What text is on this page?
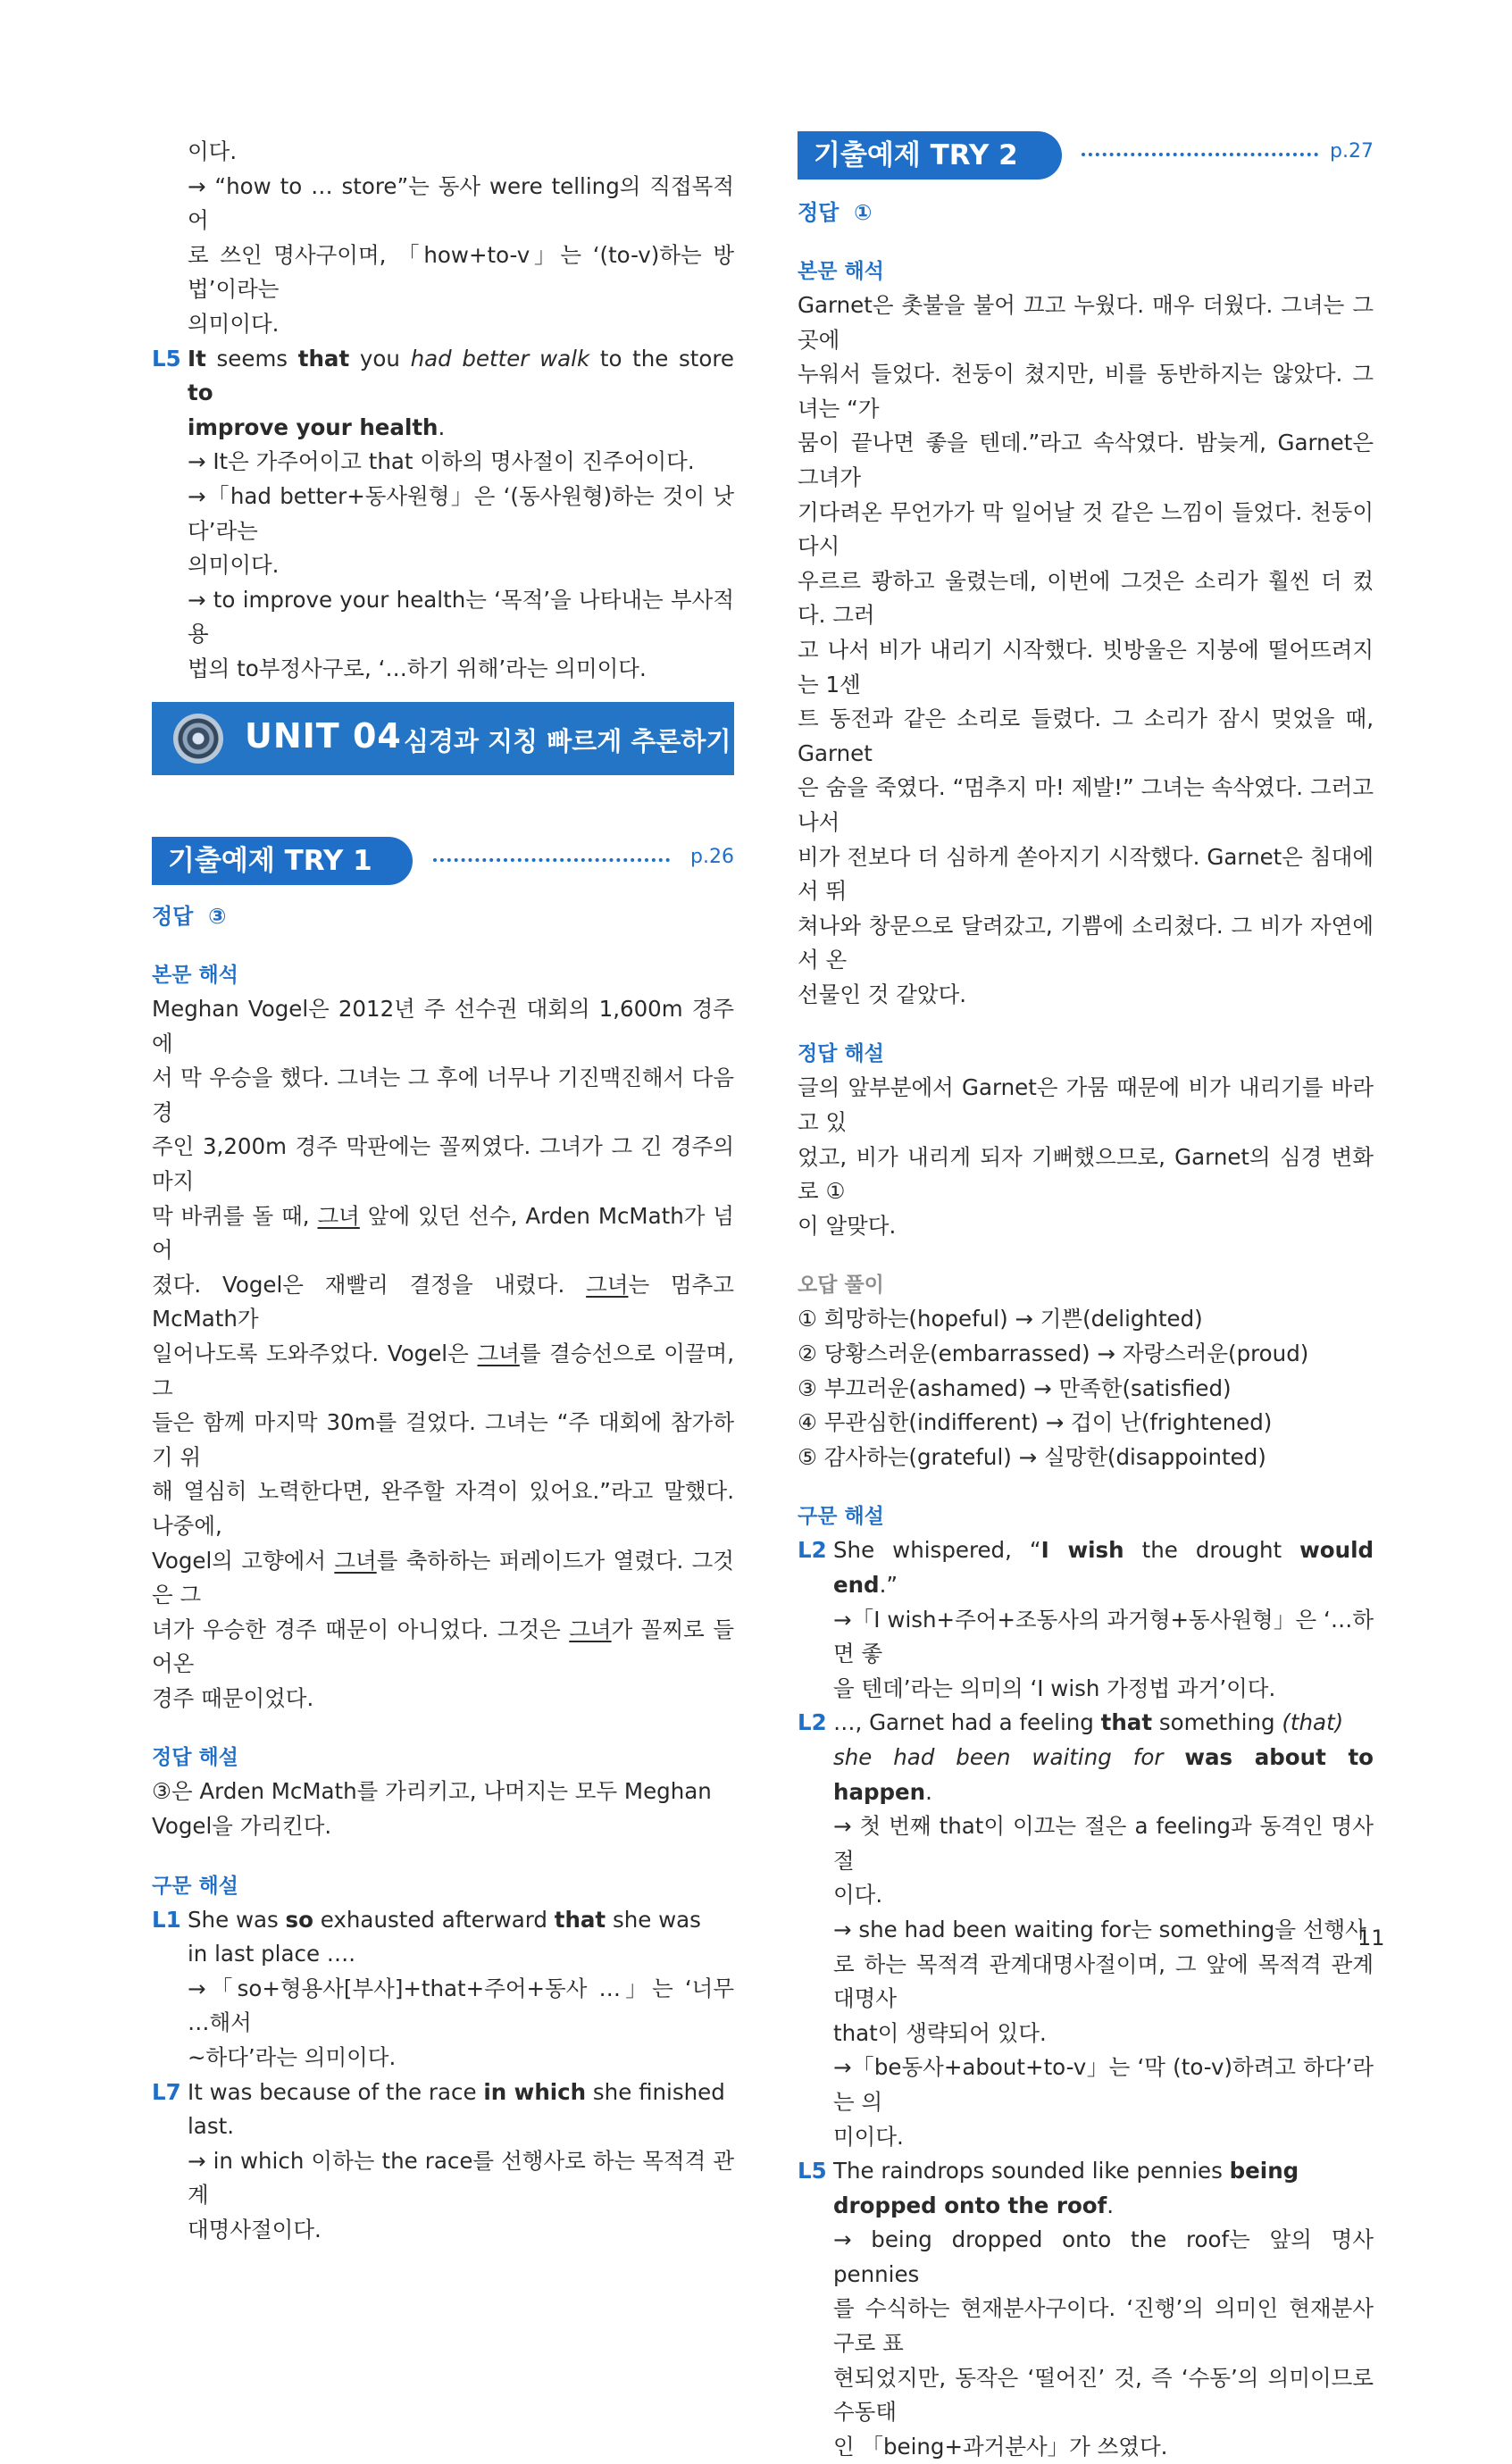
이다.

→ “how to … store”는 동사 were telling의 직접목적어

로 쓰인 명사구이며, 「how+to-v」는 ‘(to-v)하는 방법’이라는

의미이다.

L5 It seems that you had better walk to the store to

improve your health.

→ It은 가주어이고 that 이하의 명사절이 진주어이다.

→「had better+동사원형」은 ‘(동사원형)하는 것이 낫다’라는

의미이다.

→ to improve your health는 ‘목적’을 나타내는 부사적 용

법의 to부정사구로, ‘…하기 위해’라는 의미이다.

기출예제 TRY 1	p.26

정답 ③

본문 해석

Meghan Vogel은 2012년 주 선수권 대회의 1,600m 경주에

서 막 우승을 했다. 그녀는 그 후에 너무나 기진맥진해서 다음 경

주인 3,200m 경주 막판에는 꼴찌였다. 그녀가 그 긴 경주의 마지

막 바퀴를 돌 때, 그녀 앞에 있던 선수, Arden McMath가 넘어

졌다. Vogel은 재빨리 결정을 내렸다. 그녀는 멈추고 McMath가

일어나도록 도와주었다. Vogel은 그녀를 결승선으로 이끌며, 그

들은 함께 마지막 30m를 걸었다. 그녀는 “주 대회에 참가하기 위

해 열심히 노력한다면, 완주할 자격이 있어요.”라고 말했다. 나중에,

Vogel의 고향에서 그녀를 축하하는 퍼레이드가 열렸다. 그것은 그

녀가 우승한 경주 때문이 아니었다. 그것은 그녀가 꼴찌로 들어온

경주 때문이었다.

정답 해설

③은 Arden McMath를 가리키고, 나머지는 모두 Meghan

Vogel을 가리킨다.

구문 해설

L1 She was so exhausted afterward that she was

in last place ….

→「so+형용사[부사]+that+주어+동사 …」는 ‘너무 …해서

~하다’라는 의미이다.

L7 It was because of the race in which she finished

last.

→ in which 이하는 the race를 선행사로 하는 목적격 관계

대명사절이다.

UNIT 04 심경과 지칭 빠르게 추론하기
기출예제 TRY 2	p.27

정답 ①

본문 해석

Garnet은 촛불을 불어 끄고 누웠다. 매우 더웠다. 그녀는 그곳에

누워서 들었다. 천둥이 쳤지만, 비를 동반하지는 않았다. 그녀는 “가

뭄이 끝나면 좋을 텐데.”라고 속삭였다. 밤늦게, Garnet은 그녀가

기다려온 무언가가 막 일어날 것 같은 느낌이 들었다. 천둥이 다시

우르르 쾅하고 울렸는데, 이번에 그것은 소리가 훨씬 더 컸다. 그러

고 나서 비가 내리기 시작했다. 빗방울은 지붕에 떨어뜨려지는 1센

트 동전과 같은 소리로 들렸다. 그 소리가 잠시 멎었을 때, Garnet

은 숨을 죽였다. “멈추지 마! 제발!” 그녀는 속삭였다. 그러고 나서

비가 전보다 더 심하게 쏟아지기 시작했다. Garnet은 침대에서 뛰

쳐나와 창문으로 달려갔고, 기쁨에 소리쳤다. 그 비가 자연에서 온

선물인 것 같았다.

정답 해설

글의 앞부분에서 Garnet은 가뭄 때문에 비가 내리기를 바라고 있

었고, 비가 내리게 되자 기뻐했으므로, Garnet의 심경 변화로 ①

이 알맞다.

오답 풀이

① 희망하는(hopeful) → 기쁜(delighted)

② 당황스러운(embarrassed) → 자랑스러운(proud)

③ 부끄러운(ashamed) → 만족한(satisfied)

④ 무관심한(indifferent) → 겁이 난(frightened)

⑤ 감사하는(grateful) → 실망한(disappointed)

구문 해설

L2 She whispered, “I wish the drought would end.”

→「I wish+주어+조동사의 과거형+동사원형」은 ‘…하면 좋

을 텐데’라는 의미의 ‘I wish 가정법 과거’이다.

L2 …, Garnet had a feeling that something (that)

she had been waiting for was about to happen.

→ 첫 번째 that이 이끄는 절은 a feeling과 동격인 명사절

이다.

→ she had been waiting for는 something을 선행사

로 하는 목적격 관계대명사절이며, 그 앞에 목적격 관계대명사

that이 생략되어 있다.

→「be동사+about+to-v」는 ‘막 (to-v)하려고 하다’라는 의

미이다.

L5 The raindrops sounded like pennies being

dropped onto the roof.

→ being dropped onto the roof는 앞의 명사 pennies

를 수식하는 현재분사구이다. ‘진행’의 의미인 현재분사구로 표

현되었지만, 동작은 ‘떨어진’ 것, 즉 ‘수동’의 의미이므로 수동태

인 「being+과거분사」가 쓰였다.

11
